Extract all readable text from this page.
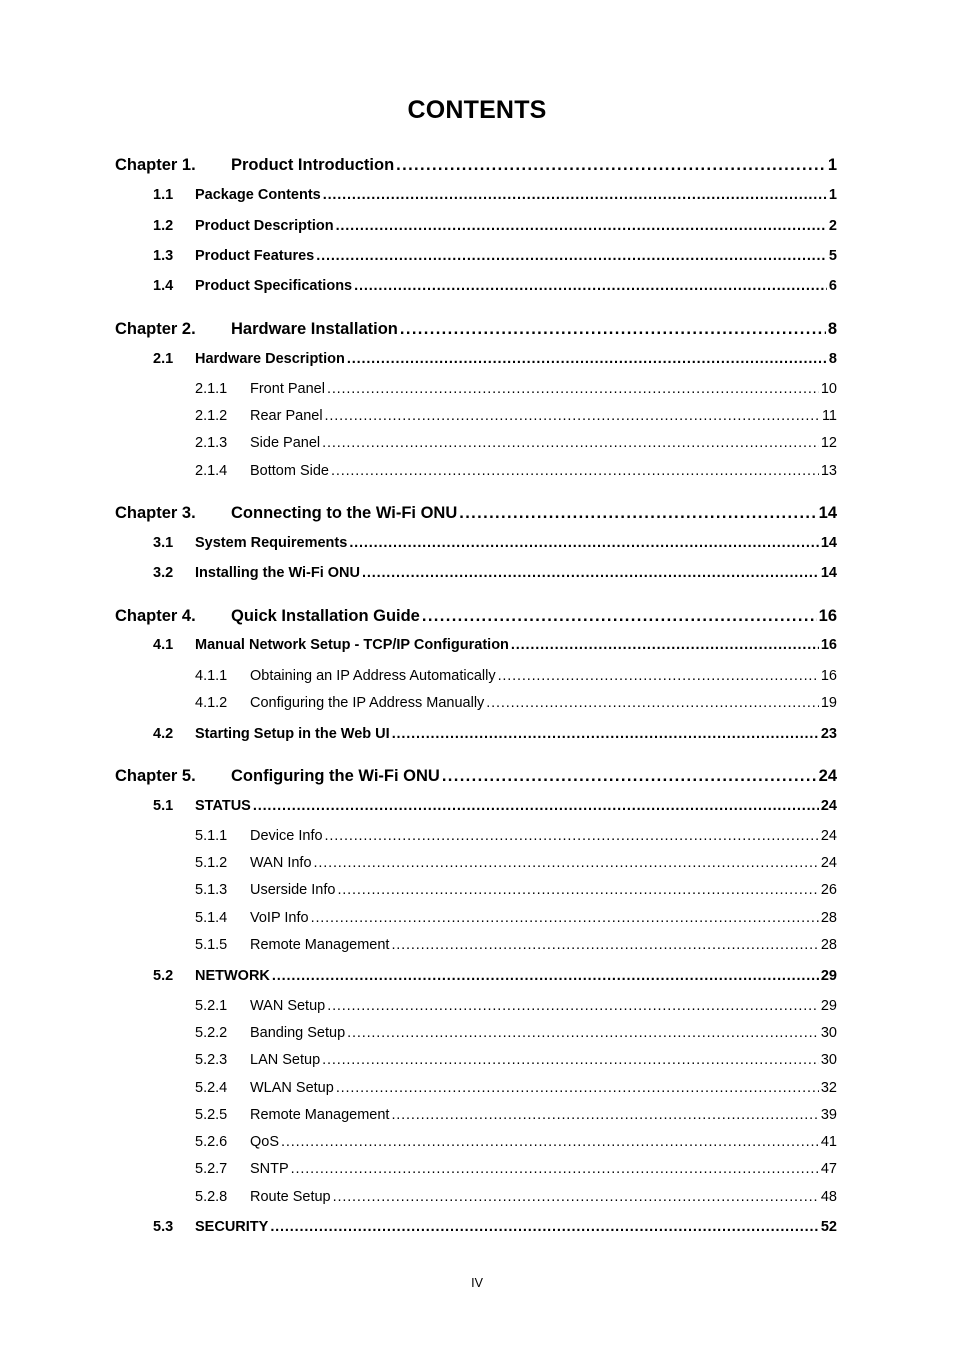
CONTENTS
Chapter 1.	Product Introduction . . .	1
1.1	Package Contents . . .	1
1.2	Product Description . . .	2
1.3	Product Features . . .	5
1.4	Product Specifications . . .	6
Chapter 2.	Hardware Installation . . .	8
2.1	Hardware Description . . .	8
2.1.1	Front Panel . . .	10
2.1.2	Rear Panel . . .	11
2.1.3	Side Panel . . .	12
2.1.4	Bottom Side . . .	13
Chapter 3.	Connecting to the Wi-Fi ONU . . .	14
3.1	System Requirements . . .	14
3.2	Installing the Wi-Fi ONU . . .	14
Chapter 4.	Quick Installation Guide . . .	16
4.1	Manual Network Setup - TCP/IP Configuration . . .	16
4.1.1	Obtaining an IP Address Automatically . . .	16
4.1.2	Configuring the IP Address Manually . . .	19
4.2	Starting Setup in the Web UI . . .	23
Chapter 5.	Configuring the Wi-Fi ONU . . .	24
5.1	STATUS . . .	24
5.1.1	Device Info . . .	24
5.1.2	WAN Info . . .	24
5.1.3	Userside Info . . .	26
5.1.4	VoIP Info . . .	28
5.1.5	Remote Management . . .	28
5.2	NETWORK . . .	29
5.2.1	WAN Setup . . .	29
5.2.2	Banding Setup . . .	30
5.2.3	LAN Setup . . .	30
5.2.4	WLAN Setup . . .	32
5.2.5	Remote Management . . .	39
5.2.6	QoS . . .	41
5.2.7	SNTP . . .	47
5.2.8	Route Setup . . .	48
5.3	SECURITY . . .	52
IV
